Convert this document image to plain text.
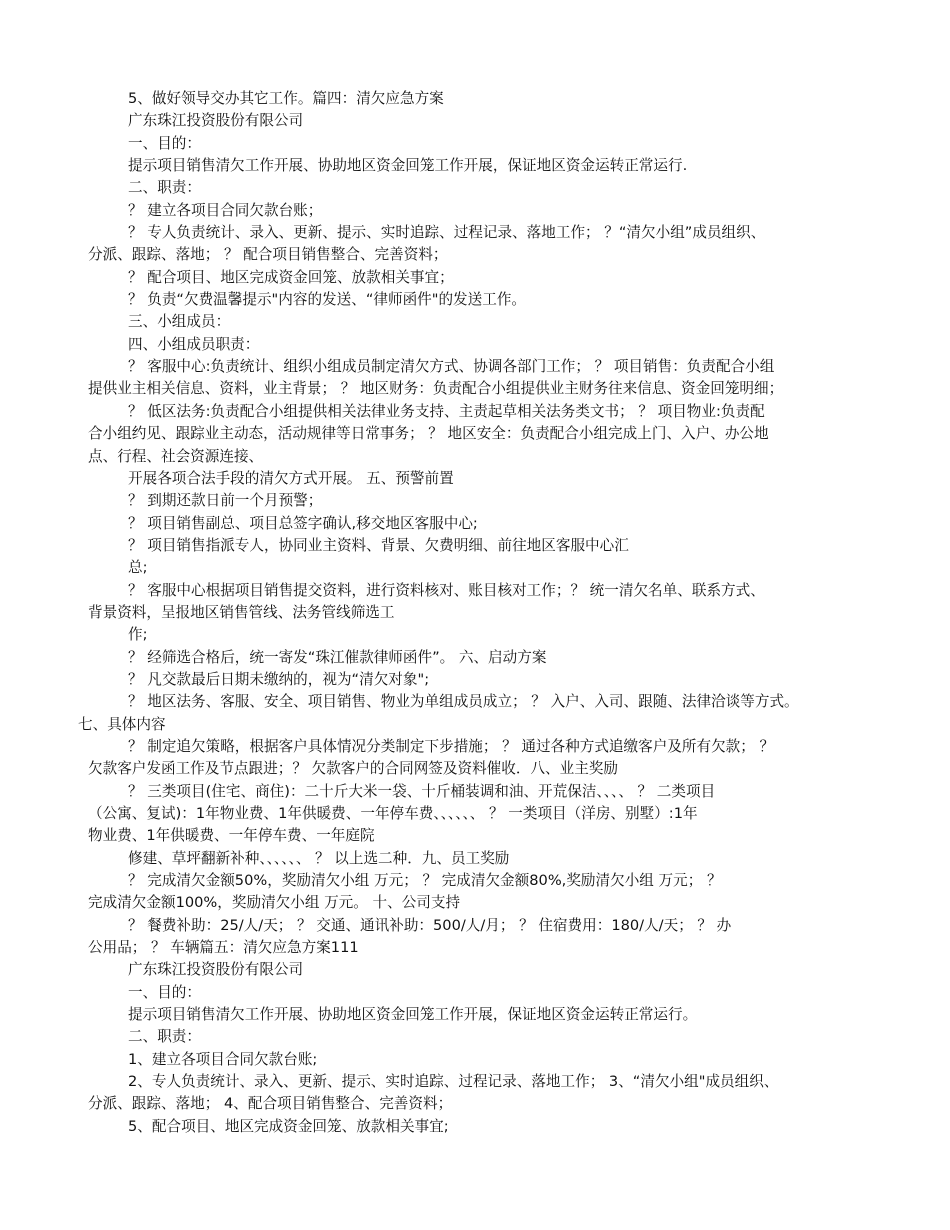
5、做好领导交办其它工作。篇四：清欠应急方案
广东珠江投资股份有限公司
一、目的：
提示项目销售清欠工作开展、协助地区资金回笼工作开展，保证地区资金运转正常运行.
二、职责：
？ 建立各项目合同欠款台账；
？ 专人负责统计、录入、更新、提示、实时追踪、过程记录、落地工作； ？“清欠小组”成员组织、
分派、跟踪、落地； ？ 配合项目销售整合、完善资料；
？ 配合项目、地区完成资金回笼、放款相关事宜；
？ 负责“欠费温馨提示"内容的发送、“律师函件"的发送工作。
三、小组成员：
四、小组成员职责：
？ 客服中心:负责统计、组织小组成员制定清欠方式、协调各部门工作； ？ 项目销售：负责配合小组
提供业主相关信息、资料，业主背景； ？ 地区财务：负责配合小组提供业主财务往来信息、资金回笼明细；
？ 低区法务:负责配合小组提供相关法律业务支持、主责起草相关法务类文书； ？ 项目物业:负责配
合小组约见、跟踪业主动态，活动规律等日常事务； ？ 地区安全：负责配合小组完成上门、入户、办公地
点、行程、社会资源连接、
开展各项合法手段的清欠方式开展。 五、预警前置
？ 到期还款日前一个月预警；
？ 项目销售副总、项目总签字确认,移交地区客服中心;
？ 项目销售指派专人，协同业主资料、背景、欠费明细、前往地区客服中心汇
总;
？ 客服中心根据项目销售提交资料，进行资料核对、账目核对工作；？ 统一清欠名单、联系方式、
背景资料，呈报地区销售管线、法务管线筛选工
作;
？ 经筛选合格后，统一寄发“珠江催款律师函件”。 六、启动方案
？ 凡交款最后日期未缴纳的，视为“清欠对象";
？ 地区法务、客服、安全、项目销售、物业为单组成员成立； ？ 入户、入司、跟随、法律洽谈等方式。
七、具体内容
？ 制定追欠策略，根据客户具体情况分类制定下步措施； ？ 通过各种方式追缴客户及所有欠款； ？
欠款客户发函工作及节点跟进；？ 欠款客户的合同网签及资料催收．八、业主奖励
？ 三类项目(住宅、商住)：二十斤大米一袋、十斤桶装调和油、开荒保洁、、、、 ？ 二类项目
（公寓、复试)：1年物业费、1年供暖费、一年停车费、、、、、、 ？ 一类项目（洋房、别墅）:1年
物业费、1年供暖费、一年停车费、一年庭院
修建、草坪翻新补种、、、、、、 ？ 以上选二种．九、员工奖励
？ 完成清欠金额50%，奖励清欠小组 万元； ？ 完成清欠金额80%,奖励清欠小组 万元； ？
完成清欠金额100%，奖励清欠小组 万元。 十、公司支持
？ 餐费补助：25/人/天； ？ 交通、通讯补助：500/人/月； ？ 住宿费用：180/人/天； ？ 办
公用品； ？ 车辆篇五：清欠应急方案111
广东珠江投资股份有限公司
一、目的：
提示项目销售清欠工作开展、协助地区资金回笼工作开展，保证地区资金运转正常运行。
二、职责：
1、建立各项目合同欠款台账;
2、专人负责统计、录入、更新、提示、实时追踪、过程记录、落地工作； 3、“清欠小组"成员组织、
分派、跟踪、落地； 4、配合项目销售整合、完善资料；
5、配合项目、地区完成资金回笼、放款相关事宜;
